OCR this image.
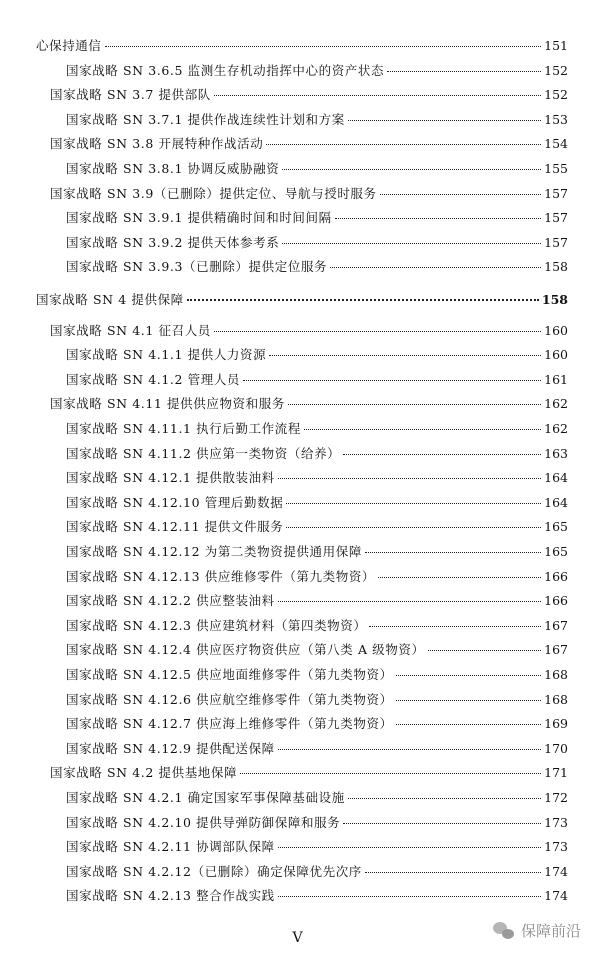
心保持通信	151
国家战略 SN 3.6.5 监测生存机动指挥中心的资产状态	152
国家战略 SN 3.7 提供部队	152
国家战略 SN 3.7.1 提供作战连续性计划和方案	153
国家战略 SN 3.8 开展特种作战活动	154
国家战略 SN 3.8.1 协调反威胁融资	155
国家战略 SN 3.9（已删除）提供定位、导航与授时服务	157
国家战略 SN 3.9.1 提供精确时间和时间间隔	157
国家战略 SN 3.9.2 提供天体参考系	157
国家战略 SN 3.9.3（已删除）提供定位服务	158
国家战略 SN 4 提供保障	158
国家战略 SN 4.1 征召人员	160
国家战略 SN 4.1.1 提供人力资源	160
国家战略 SN 4.1.2 管理人员	161
国家战略 SN 4.11 提供供应物资和服务	162
国家战略 SN 4.11.1 执行后勤工作流程	162
国家战略 SN 4.11.2 供应第一类物资（给养）	163
国家战略 SN 4.12.1 提供散装油料	164
国家战略 SN 4.12.10 管理后勤数据	164
国家战略 SN 4.12.11 提供文件服务	165
国家战略 SN 4.12.12 为第二类物资提供通用保障	165
国家战略 SN 4.12.13 供应维修零件（第九类物资）	166
国家战略 SN 4.12.2 供应整装油料	166
国家战略 SN 4.12.3 供应建筑材料（第四类物资）	167
国家战略 SN 4.12.4 供应医疗物资供应（第八类 A 级物资）	167
国家战略 SN 4.12.5 供应地面维修零件（第九类物资）	168
国家战略 SN 4.12.6 供应航空维修零件（第九类物资）	168
国家战略 SN 4.12.7 供应海上维修零件（第九类物资）	169
国家战略 SN 4.12.9 提供配送保障	170
国家战略 SN 4.2 提供基地保障	171
国家战略 SN 4.2.1 确定国家军事保障基础设施	172
国家战略 SN 4.2.10 提供导弹防御保障和服务	173
国家战略 SN 4.2.11 协调部队保障	173
国家战略 SN 4.2.12（已删除）确定保障优先次序	174
国家战略 SN 4.2.13 整合作战实践	174
V	保障前沿
